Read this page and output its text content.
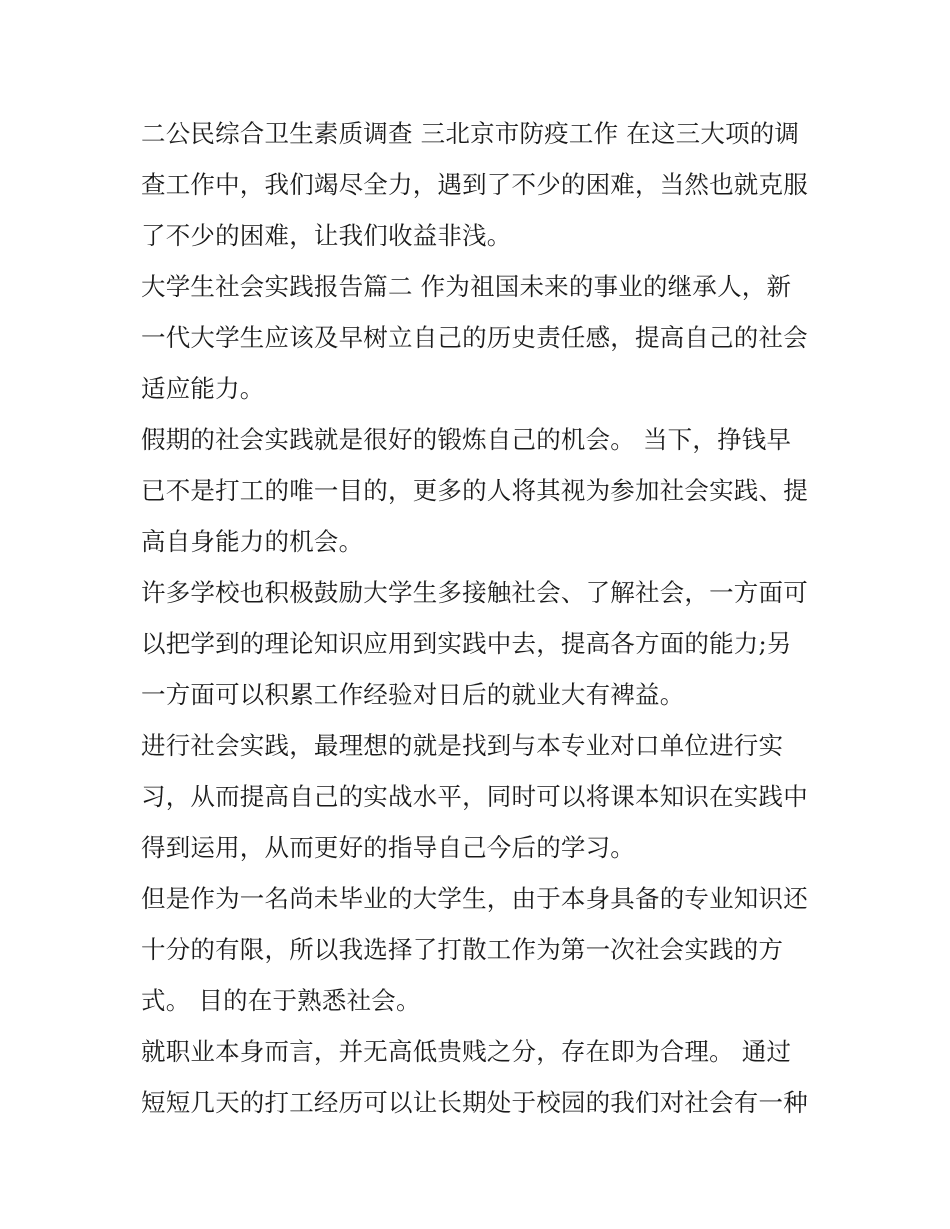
二公民综合卫生素质调查 三北京市防疫工作 在这三大项的调
查工作中，我们竭尽全力，遇到了不少的困难，当然也就克服
了不少的困难，让我们收益非浅。

大学生社会实践报告篇二 作为祖国未来的事业的继承人，新
一代大学生应该及早树立自己的历史责任感，提高自己的社会
适应能力。

假期的社会实践就是很好的锻炼自己的机会。 当下，挣钱早
已不是打工的唯一目的，更多的人将其视为参加社会实践、提
高自身能力的机会。

许多学校也积极鼓励大学生多接触社会、了解社会，一方面可
以把学到的理论知识应用到实践中去，提高各方面的能力;另
一方面可以积累工作经验对日后的就业大有裨益。

进行社会实践，最理想的就是找到与本专业对口单位进行实
习，从而提高自己的实战水平，同时可以将课本知识在实践中
得到运用，从而更好的指导自己今后的学习。

但是作为一名尚未毕业的大学生，由于本身具备的专业知识还
十分的有限，所以我选择了打散工作为第一次社会实践的方
式。 目的在于熟悉社会。

就职业本身而言，并无高低贵贱之分，存在即为合理。 通过
短短几天的打工经历可以让长期处于校园的我们对社会有一种
